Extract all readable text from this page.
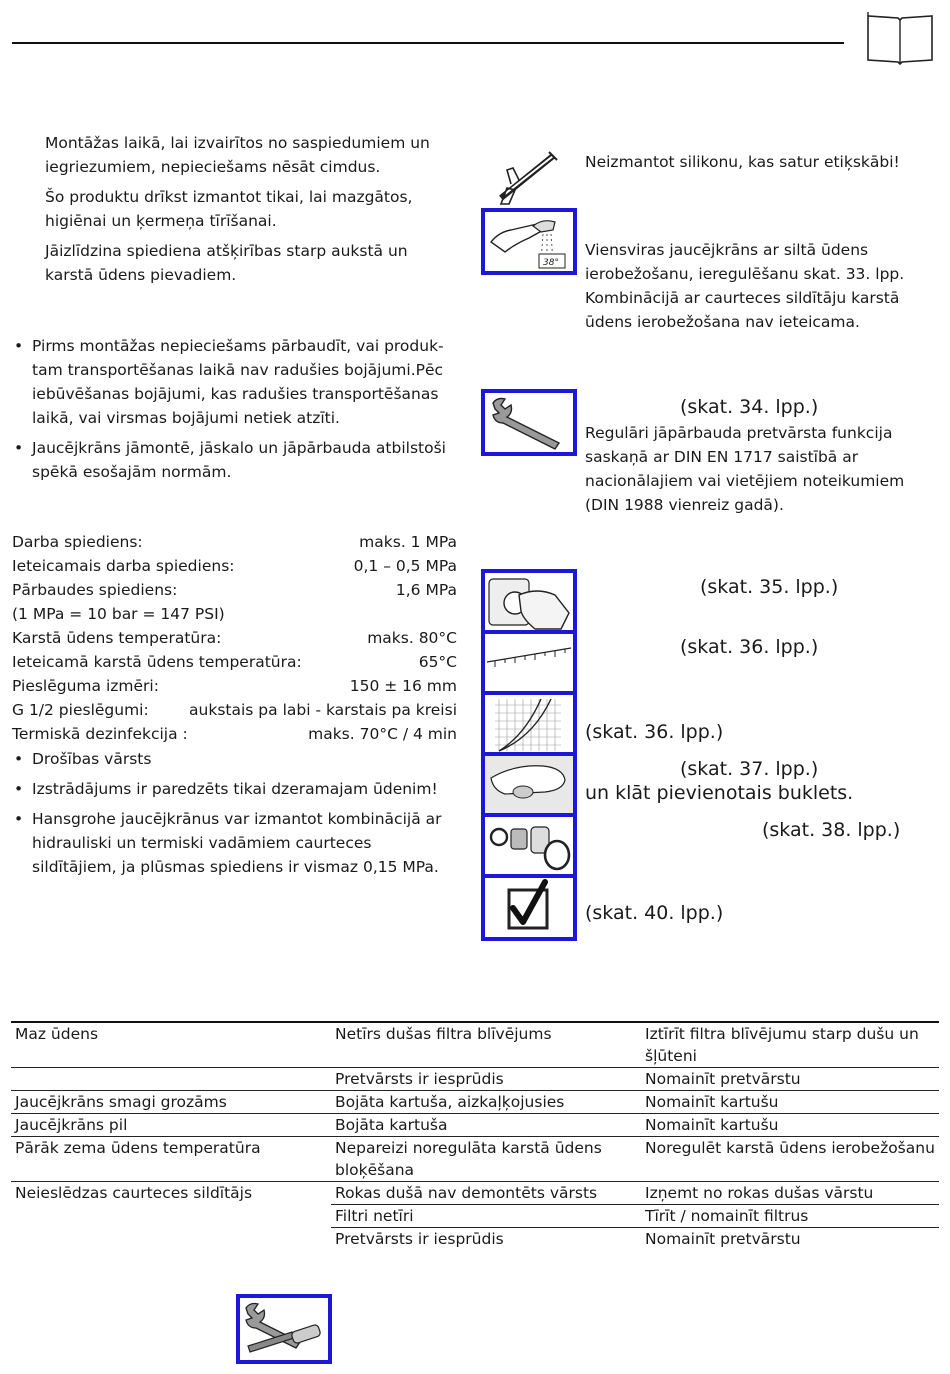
Montāžas laikā, lai izvairītos no saspiedumiem un iegriezumiem, nepieciešams nēsāt cimdus.
Šo produktu drīkst izmantot tikai, lai mazgātos, higiēnai un ķermeņa tīrīšanai.
Jāizlīdzina spiediena atšķirības starp aukstā un karstā ūdens pievadiem.
• Pirms montāžas nepieciešams pārbaudīt, vai produk-tam transportēšanas laikā nav radušies bojājumi.Pēc iebūvēšanas bojājumi, kas radušies transportēšanas laikā, vai virsmas bojājumi netiek atzīti.
• Jaucējkrāns jāmontē, jāskalo un jāpārbauda atbilstoši spēkā esošajām normām.
Darba spiediens:	maks. 1 MPa
Ieteicamais darba spiediens:	0,1 – 0,5 MPa
Pārbaudes spiediens:	1,6 MPa
(1 MPa = 10 bar = 147 PSI)
Karstā ūdens temperatūra:	maks. 80°C
Ieteicamā karstā ūdens temperatūra:	65°C
Pieslēguma izmēri:	150 ± 16 mm
G 1/2 pieslēgumi:	aukstais pa labi - karstais pa kreisi
Termiskā dezinfekcija :	maks. 70°C / 4 min
• Drošības vārsts
• Izstrādājums ir paredzēts tikai dzeramajam ūdenim!
• Hansgrohe jaucējkrānus var izmantot kombinācijā ar hidrauliski un termiski vadāmiem caurteces sildītājiem, ja plūsmas spiediens ir vismaz 0,15 MPa.
Neizmantot silikonu, kas satur etiķskābi!
38°
Viensviras jaucējkrāns ar siltā ūdens ierobežošanu, ieregulēšanu skat. 33. lpp. Kombinācijā ar caurteces sildītāju karstā ūdens ierobežošana nav ieteicama.
(skat. 34. lpp.)
Regulāri jāpārbauda pretvārsta funkcija saskaņā ar DIN EN 1717 saistībā ar nacionālajiem vai vietējiem noteikumiem (DIN 1988 vienreiz gadā).
(skat. 35. lpp.)
(skat. 36. lpp.)
(skat. 36. lpp.)
(skat. 37. lpp.)
un klāt pievienotais buklets.
(skat. 38. lpp.)
(skat. 40. lpp.)
Maz ūdens	Netīrs dušas filtra blīvējums	Iztīrīt filtra blīvējumu starp dušu un šļūteni
	Pretvārsts ir iesprūdis	Nomainīt pretvārstu
Jaucējkrāns smagi grozāms	Bojāta kartuša, aizkaļķojusies	Nomainīt kartušu
Jaucējkrāns pil	Bojāta kartuša	Nomainīt kartušu
Pārāk zema ūdens temperatūra	Nepareizi noregulāta karstā ūdens bloķēšana	Noregulēt karstā ūdens ierobežošanu
Neieslēdzas caurteces sildītājs	Rokas dušā nav demontēts vārsts	Izņemt no rokas dušas vārstu
	Filtri netīri	Tīrīt / nomainīt filtrus
	Pretvārsts ir iesprūdis	Nomainīt pretvārstu
